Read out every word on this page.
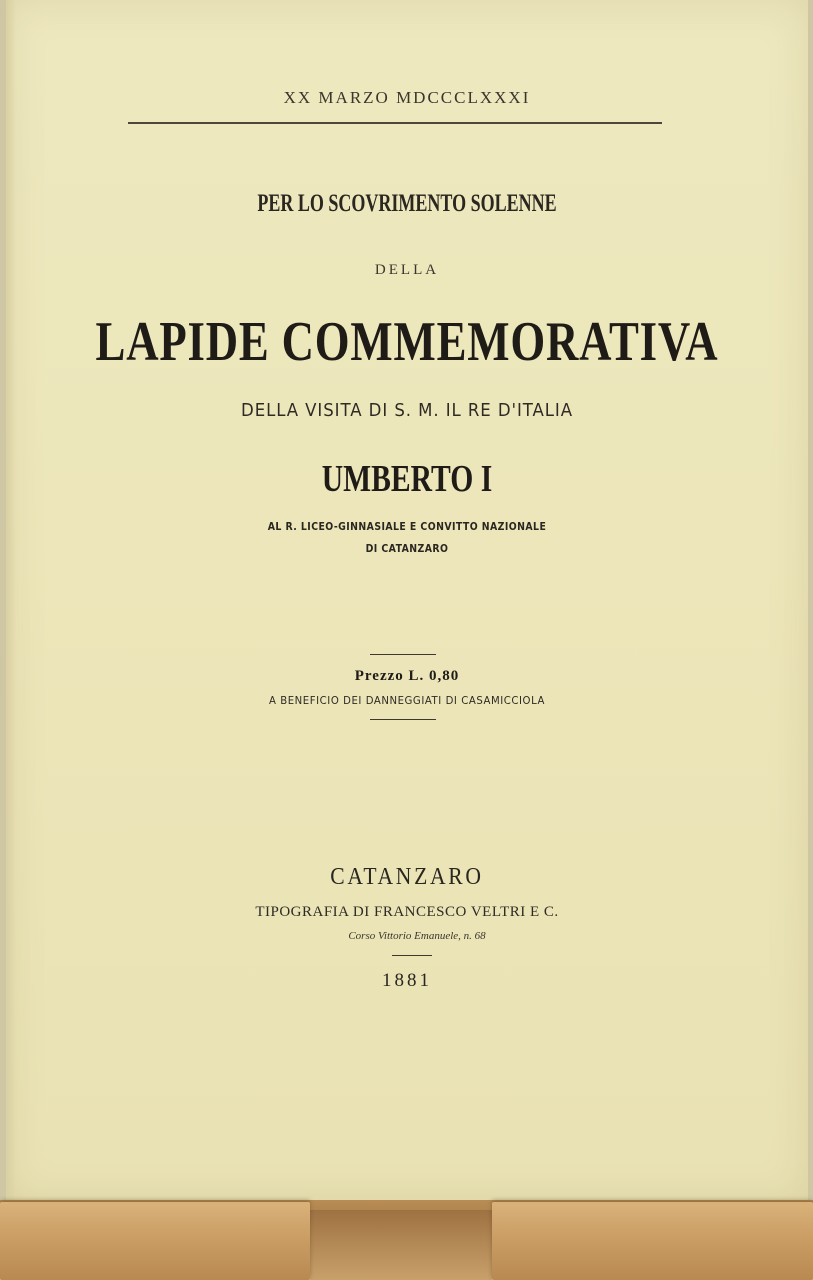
XX MARZO MDCCCLXXXI
PER LO SCOVRIMENTO SOLENNE
DELLA
LAPIDE COMMEMORATIVA
DELLA VISITA DI S. M. IL RE D'ITALIA
UMBERTO I
AL R. LICEO-GINNASIALE E CONVITTO NAZIONALE
DI CATANZARO
Prezzo L. 0,80
A BENEFICIO DEI DANNEGGIATI DI CASAMICCIOLA
CATANZARO
TIPOGRAFIA DI FRANCESCO VELTRI E C.
Corso Vittorio Emanuele, n. 68
1881
